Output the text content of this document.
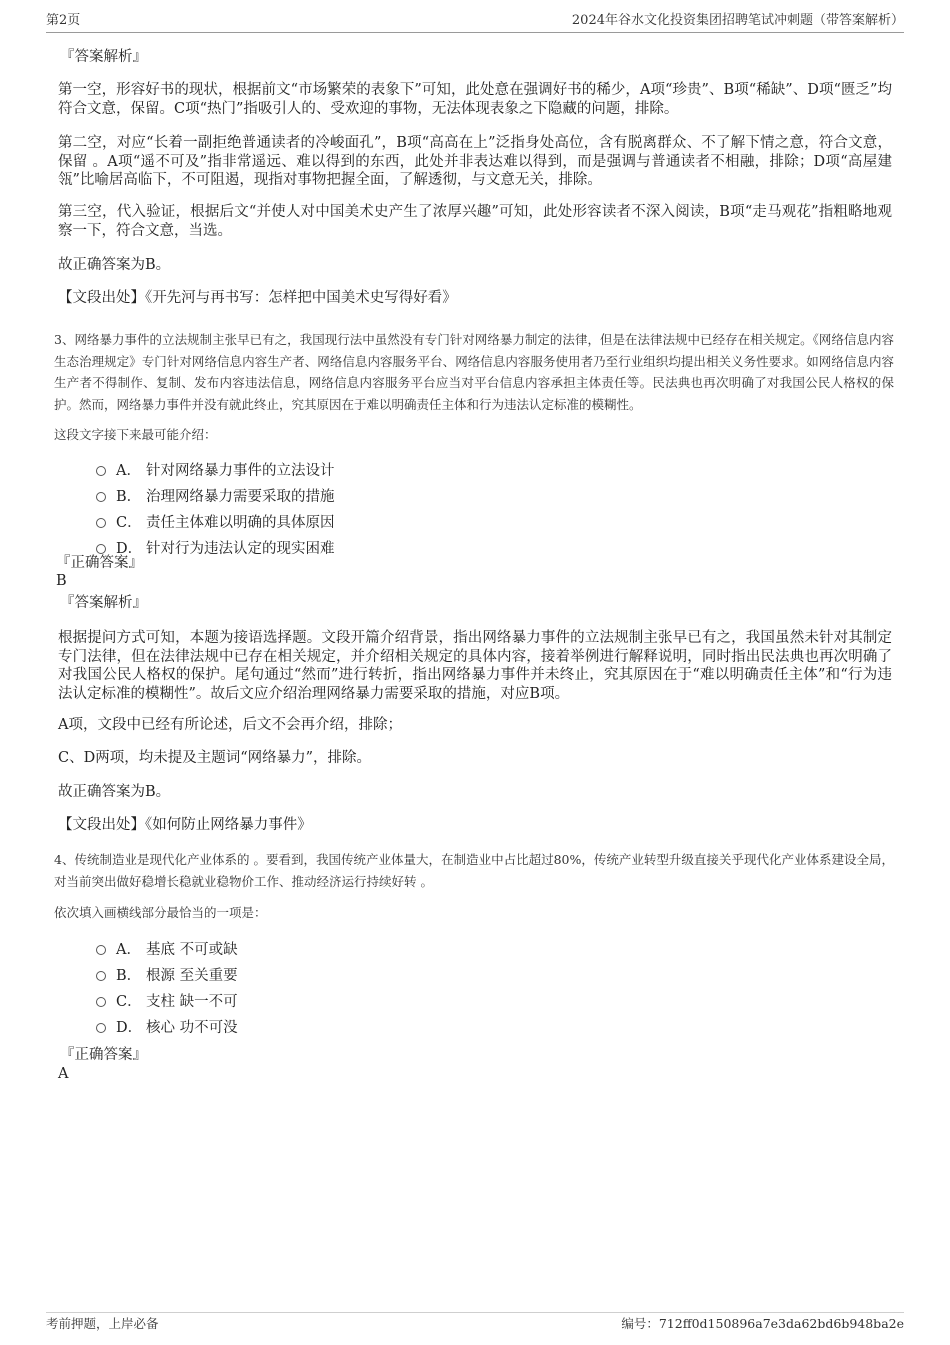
第2页	2024年谷水文化投资集团招聘笔试冲刺题（带答案解析）
『答案解析』
第一空，形容好书的现状，根据前文“市场繁荣的表象下”可知，此处意在强调好书的稀少，A项“珍贵”、B项“稀缺”、D项“匮乏”均符合文意，保留。C项“热门”指吸引人的、受欢迎的事物，无法体现表象之下隐藏的问题，排除。
第二空，对应“长着一副拒绝普通读者的冷峻面孔”，B项“高高在上”泛指身处高位，含有脱离群众、不了解下情之意，符合文意， 保留 。A项“遥不可及”指非常遥远、难以得到的东西，此处并非表达难以得到，而是强调与普通读者不相融，排除；D项“高屋建瓴”比喻居高临下，不可阻遏，现指对事物把握全面，了解透彻，与文意无关，排除。
第三空，代入验证，根据后文“并使人对中国美术史产生了浓厚兴趣”可知，此处形容读者不深入阅读，B项“走马观花”指粗略地观察一下，符合文意，当选。
故正确答案为B。
【文段出处】《开先河与再书写：怎样把中国美术史写得好看》
3、网络暴力事件的立法规制主张早已有之，我国现行法中虽然没有专门针对网络暴力制定的法律，但是在法律法规中已经存在相关规定。《网络信息内容生态治理规定》专门针对网络信息内容生产者、网络信息内容服务平台、网络信息内容服务使用者乃至行业组织均提出相关义务性要求。如网络信息内容生产者不得制作、复制、发布内容违法信息，网络信息内容服务平台应当对平台信息内容承担主体责任等。民法典也再次明确了对我国公民人格权的保护。然而，网络暴力事件并没有就此终止，究其原因在于难以明确责任主体和行为违法认定标准的模糊性。
这段文字接下来最可能介绍：
A． 针对网络暴力事件的立法设计
B． 治理网络暴力需要采取的措施
C． 责任主体难以明确的具体原因
D． 针对行为违法认定的现实困难
『正确答案』
B
『答案解析』
根据提问方式可知，本题为接语选择题。文段开篇介绍背景，指出网络暴力事件的立法规制主张早已有之，我国虽然未针对其制定专门法律，但在法律法规中已存在相关规定，并介绍相关规定的具体内容，接着举例进行解释说明，同时指出民法典也再次明确了对我国公民人格权的保护。尾句通过“然而”进行转折，指出网络暴力事件并未终止，究其原因在于“难以明确责任主体”和“行为违法认定标准的模糊性”。故后文应介绍治理网络暴力需要采取的措施，对应B项。
A项，文段中已经有所论述，后文不会再介绍，排除；
C、D两项，均未提及主题词“网络暴力”，排除。
故正确答案为B。
【文段出处】《如何防止网络暴力事件》
4、传统制造业是现代化产业体系的 。要看到，我国传统产业体量大，在制造业中占比超过80%，传统产业转型升级直接关乎现代化产业体系建设全局，对当前突出做好稳增长稳就业稳物价工作、推动经济运行持续好转 。
依次填入画横线部分最恰当的一项是：
A． 基底 不可或缺
B． 根源 至关重要
C． 支柱 缺一不可
D． 核心 功不可没
『正确答案』
A
考前押题，上岸必备	编号：712ff0d150896a7e3da62bd6b948ba2e
